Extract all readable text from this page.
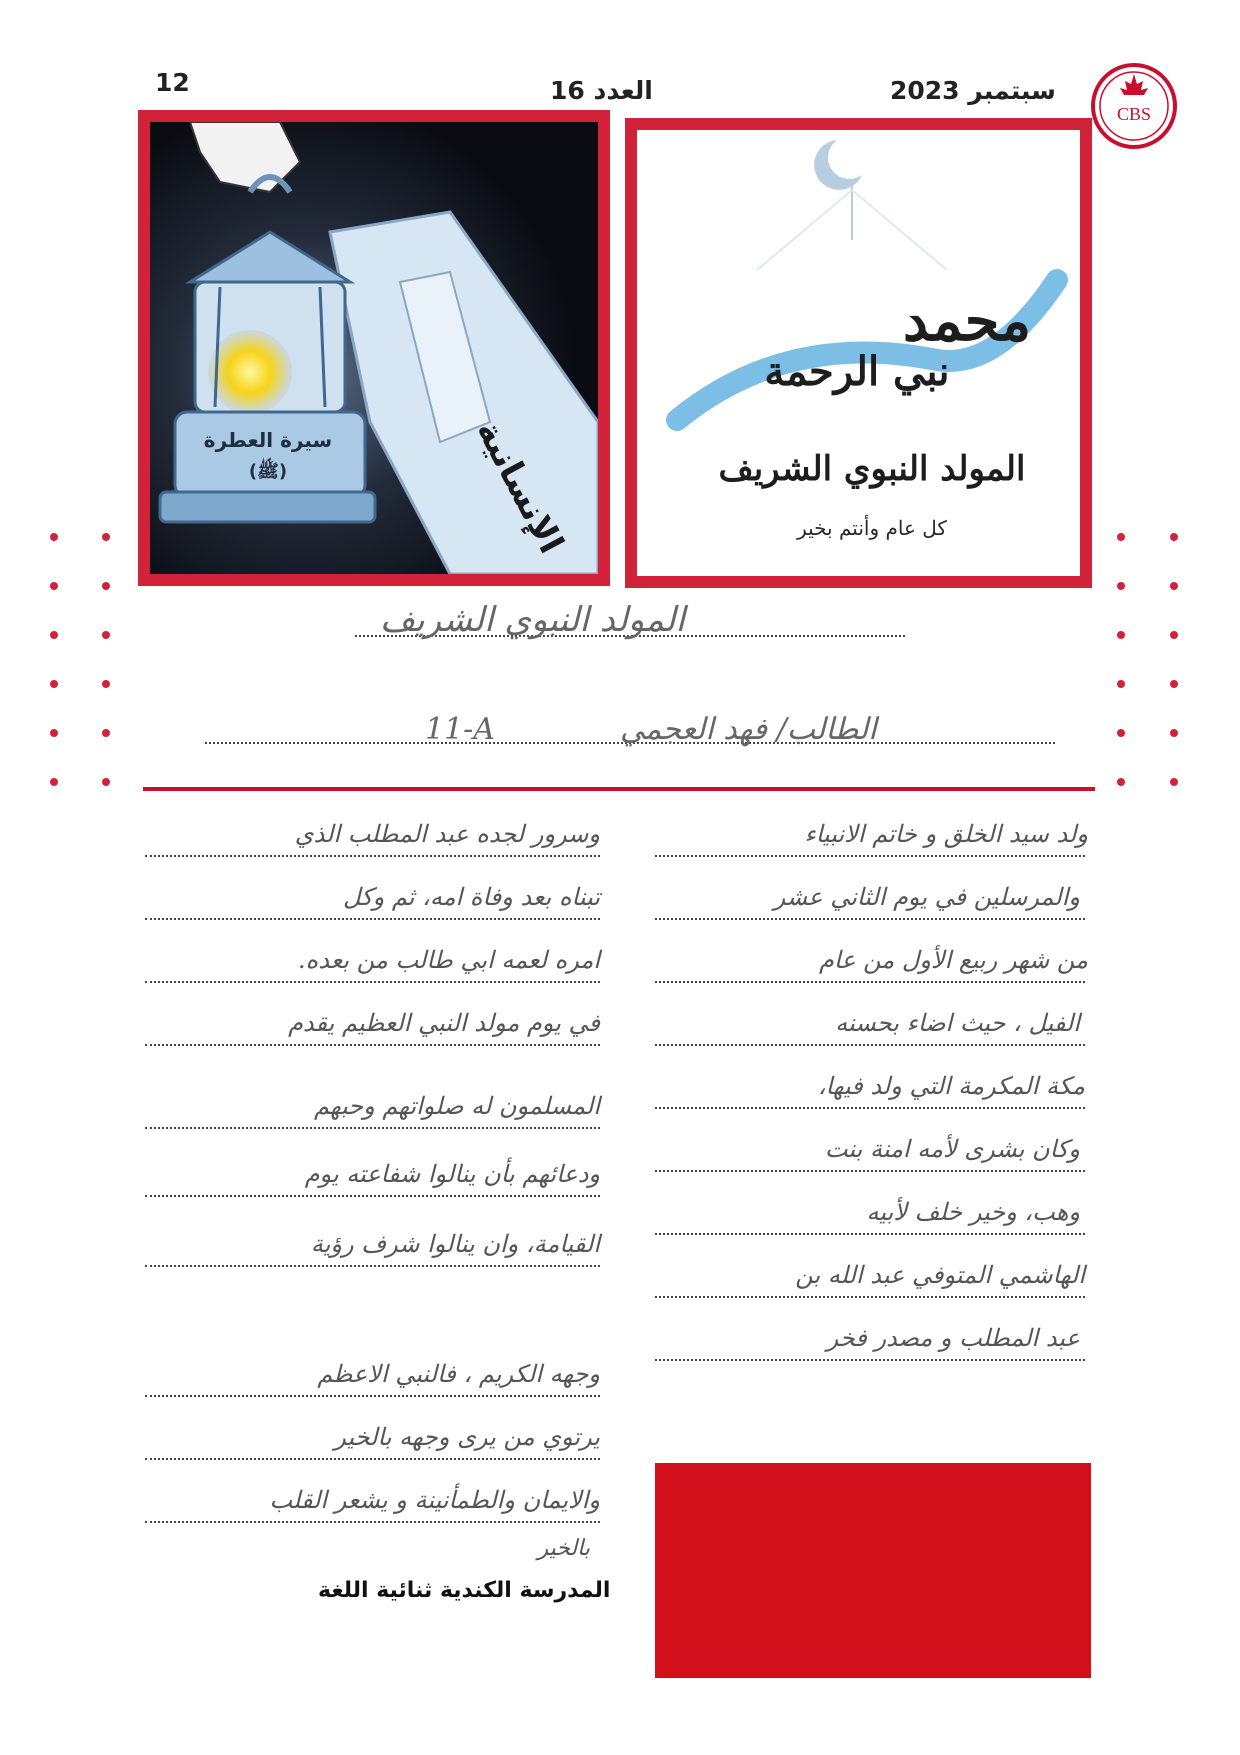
12	العدد 16	سبتمبر 2023
CBS
سيرة العطرة
(ﷺ)	الإنسانية
محمد
نبي الرحمة
المولد النبوي الشريف
كل عام وأنتم بخير
المولد النبوي الشريف
الطالب/ فهد العجمي
11-A
ولد سيد الخلق و خاتم الانبياء
والمرسلين في يوم الثاني عشر
من شهر ربيع الأول من عام
الفيل ، حيث اضاء بحسنه
مكة المكرمة التي ولد فيها،
وكان بشرى لأمه امنة بنت
وهب، وخير خلف لأبيه
الهاشمي المتوفي عبد الله بن
عبد المطلب و مصدر فخر
وسرور لجده عبد المطلب الذي
تبناه بعد وفاة امه، ثم وكل
امره لعمه ابي طالب من بعده.
في يوم مولد النبي العظيم يقدم
المسلمون له صلواتهم وحبهم
ودعائهم بأن ينالوا شفاعته يوم
القيامة، وان ينالوا شرف رؤية
وجهه الكريم ، فالنبي الاعظم
يرتوي من يرى وجهه بالخير
والايمان والطمأنينة و يشعر القلب
بالخير
المدرسة الكندية ثنائية اللغة
